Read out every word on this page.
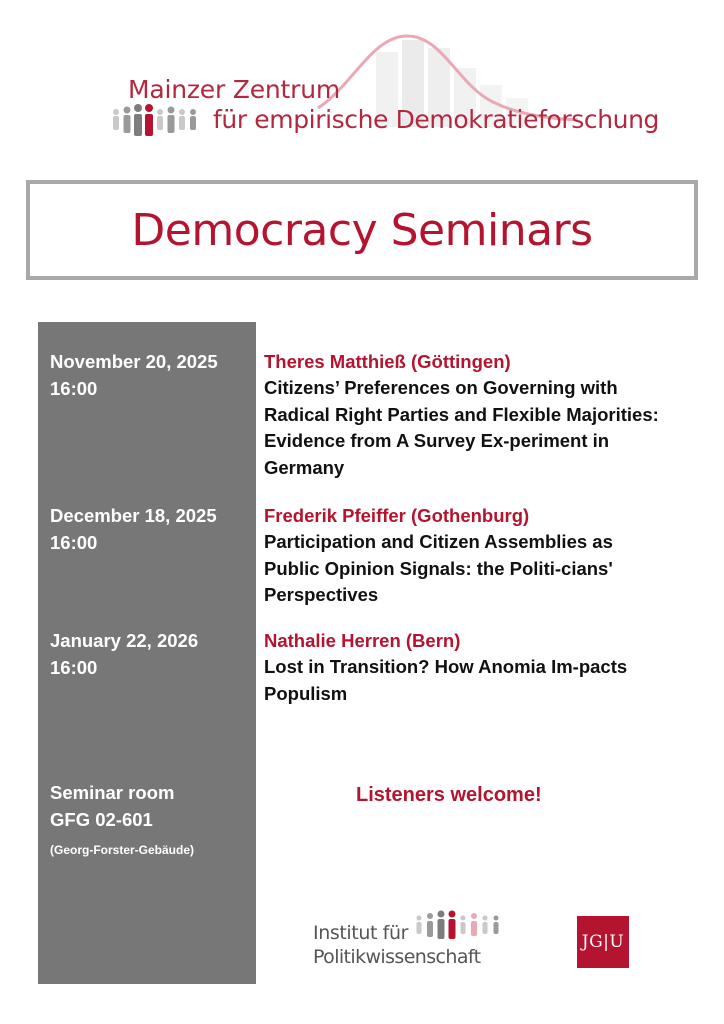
Mainzer Zentrum
für empirische Demokratieforschung
Democracy Seminars
November 20, 2025
16:00
Theres Matthieß (Göttingen)
Citizens’ Preferences on Governing with Radical Right Parties and Flexible Majorities: Evidence from A Survey Ex-periment in Germany
December 18, 2025
16:00
Frederik Pfeiffer (Gothenburg)
Participation and Citizen Assemblies as Public Opinion Signals: the Politi-cians' Perspectives
January 22, 2026
16:00
Nathalie Herren (Bern)
Lost in Transition? How Anomia Im-pacts Populism
Seminar room
GFG 02-601
(Georg-Forster-Gebäude)
Listeners welcome!
Institut für
Politikwissenschaft
JG|U
